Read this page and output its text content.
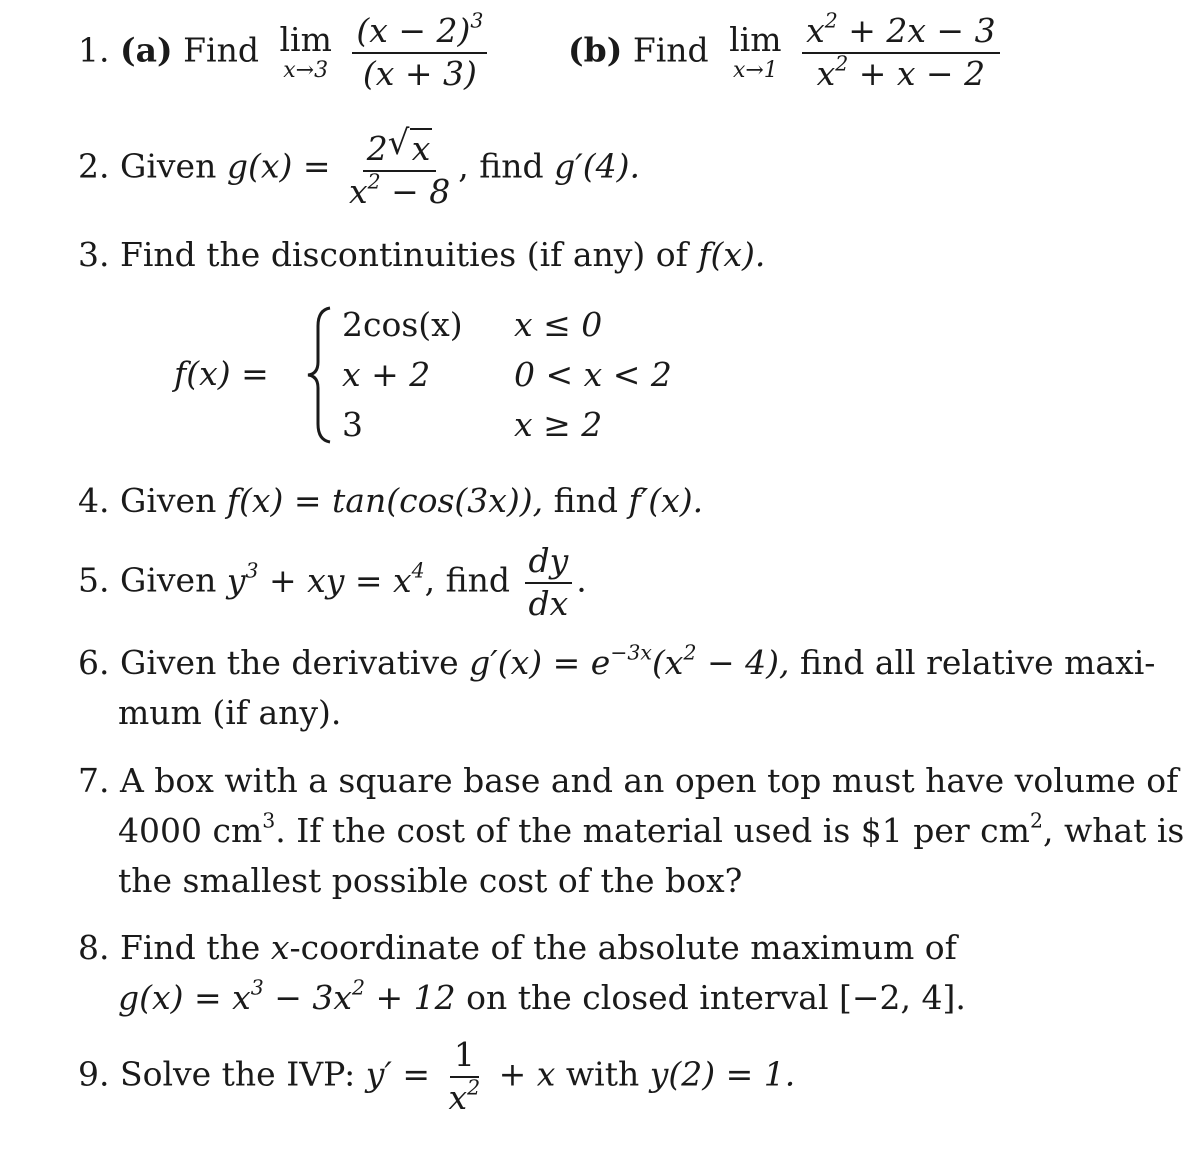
1. (a) Find lim
x→3
$\frac{(x - 2)^3}{(x + 3)} (b)$ Find lim
x→1
$\frac{x^2 + 2x - 3}{x^2 + x - 2}$
2. Given $g(x) = \frac{2 √ x}{x^2 - 8}$ , find g′(4).
3. Find the discontinuities (if any) of f(x).
f(x) =
2cos(x) x ≤ 0
x + 2	0 < x < 2
3	x ≥ 2
4. Given f(x) = tan(cos(3x)), find f′(x).
5. Given $y^3$ + xy = $x^4$, find $\frac{dy}{dx}$ .
6. Given the derivative $g'(x) = e^{-3x}(x^2 - 4)$, find all relative maxi-
mum (if any).
7. A box with a square base and an open top must have volume of
4000 $cm^3$. If the cost of the material used is $1 per $cm^2$, what is
the smallest possible cost of the box?
8. Find the x-coordinate of the absolute maximum of
$g(x) = x^3 - 3x^2 + 12$ on the closed interval [−2, 4].
9. Solve the IVP: $y' = \frac{1}{x^2} + x$ with y(2) = 1.
